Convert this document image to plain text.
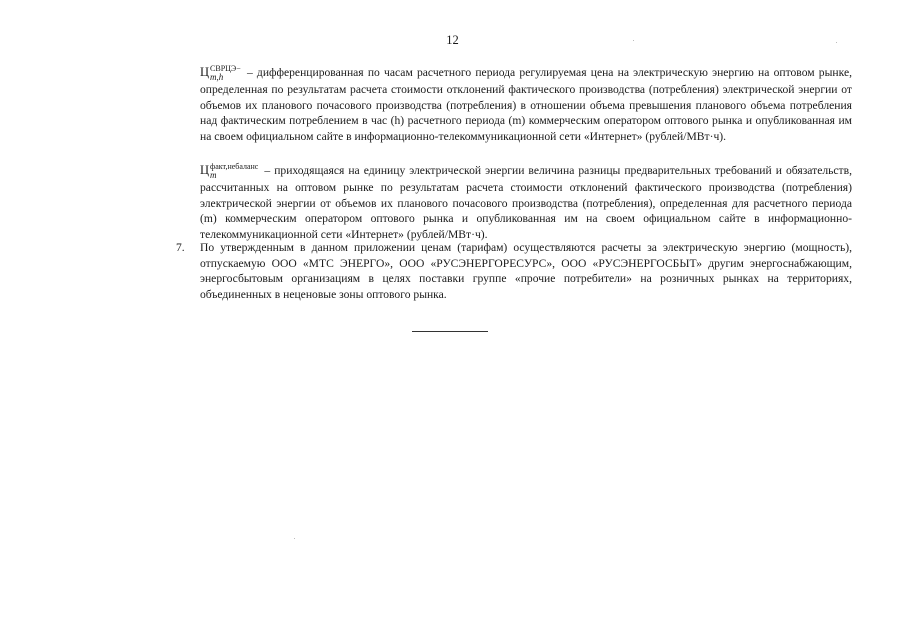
12

Ц СВРЦЭ−
m,h	– дифференцированная по часам расчетного периода регулируемая цена на электрическую энергию на оптовом рынке, определенная по результатам расчета стоимости отклонений фактического производства (потребления) электрической энергии от объемов их планового почасового производства (потребления) в отношении объема превышения планового объема потребления над фактическим потреблением в час (h) расчетного периода (m) коммерческим оператором оптового рынка и опубликованная им на своем официальном сайте в информационно-телекоммуникационной сети «Интернет» (рублей/МВт·ч).

Ц факт,небаланс
m	– приходящаяся на единицу электрической энергии величина разницы предварительных требований и обязательств, рассчитанных на оптовом рынке по результатам расчета стоимости отклонений фактического производства (потребления) электрической энергии от объемов их планового почасового производства (потребления), определенная для расчетного периода (m) коммерческим оператором оптового рынка и опубликованная им на своем официальном сайте в информационно-телекоммуникационной сети «Интернет» (рублей/МВт·ч).

7. По утвержденным в данном приложении ценам (тарифам) осуществляются расчеты за электрическую энергию (мощность), отпускаемую ООО «МТС ЭНЕРГО», ООО «РУСЭНЕРГОРЕСУРС», ООО «РУСЭНЕРГОСБЫТ» другим энергоснабжающим, энергосбытовым организациям в целях поставки группе «прочие потребители» на розничных рынках на территориях, объединенных в неценовые зоны оптового рынка.
